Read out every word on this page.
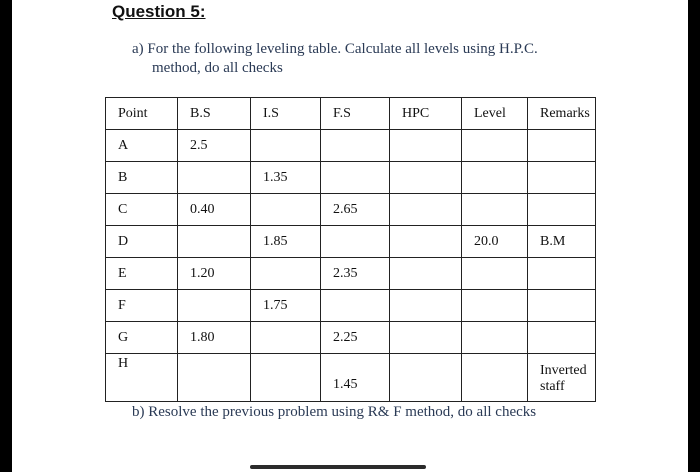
Question 5:
a) For the following leveling table. Calculate all levels using H.P.C.
method, do all checks
Point	B.S	I.S	F.S	HPC	Level	Remarks
A	2.5					
B		1.35				
C	0.40		2.65			
D		1.85			20.0	B.M
E	1.20		2.35			
F		1.75				
G	1.80		2.25			
H			1.45			Inverted staff
b) Resolve the previous problem using R& F method, do all checks
